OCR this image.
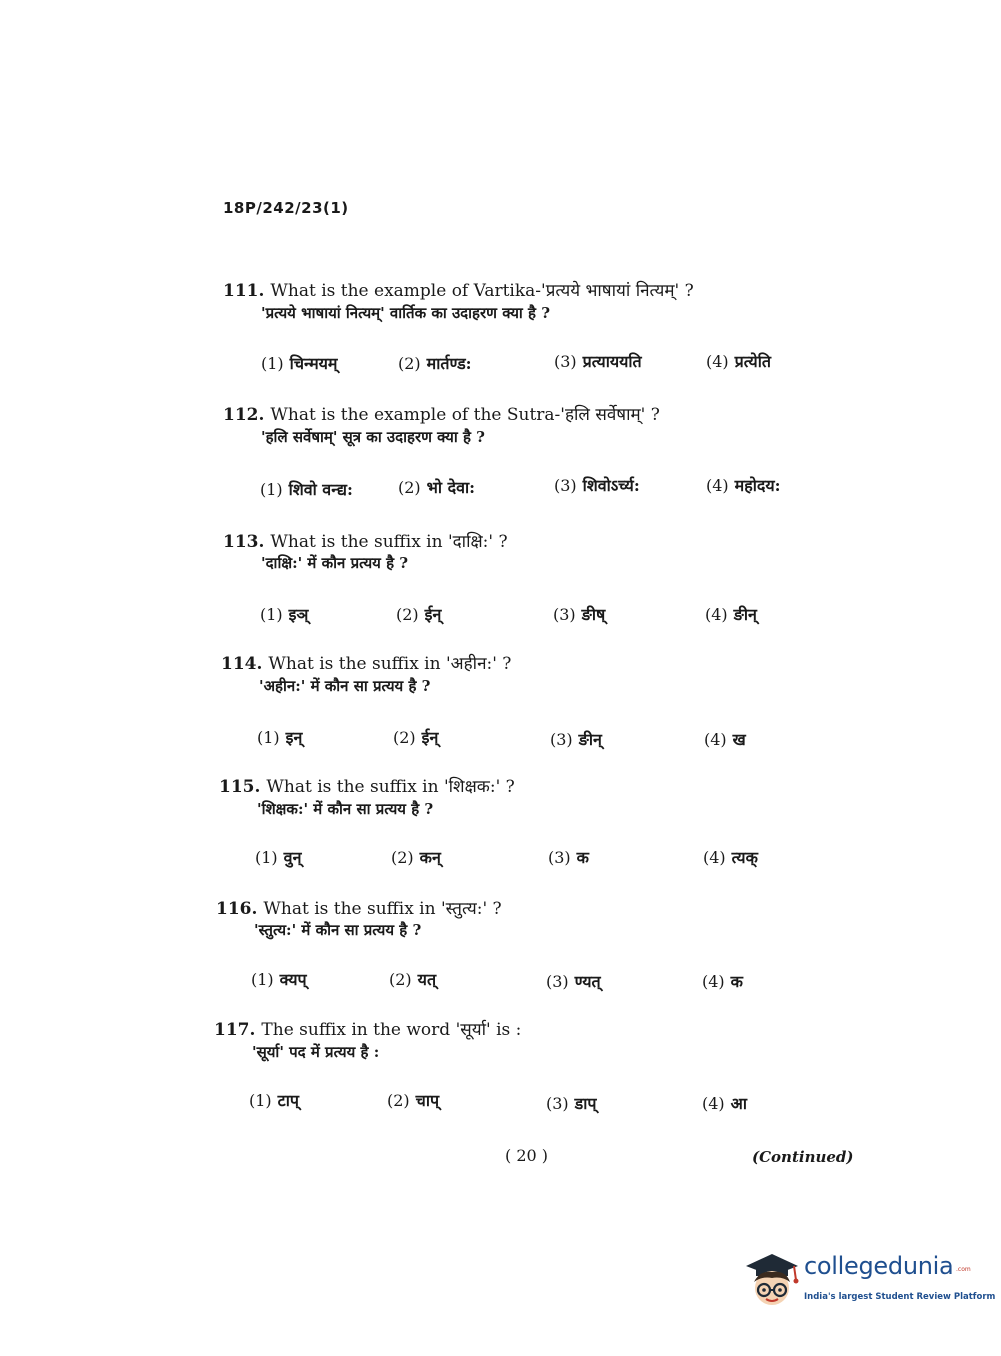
18P/242/23(1)
111. What is the example of Vartika-'प्रत्यये भाषायां नित्यम्' ?
'प्रत्यये भाषायां नित्यम्' वार्तिक का उदाहरण क्या है ?
(1) चिन्मयम्	(2) मार्तण्ड:	(3) प्रत्याययति	(4) प्रत्येति
112. What is the example of the Sutra-'हलि सर्वेषाम्' ?
'हलि सर्वेषाम्' सूत्र का उदाहरण क्या है ?
(1) शिवो वन्द्य:	(2) भो देवा:	(3) शिवोऽर्च्य:	(4) महोदय:
113. What is the suffix in 'दाक्षि:' ?
'दाक्षि:' में कौन प्रत्यय है ?
(1) इञ्	(2) ईन्	(3) ङीष्	(4) ङीन्
114. What is the suffix in 'अहीन:' ?
'अहीन:' में कौन सा प्रत्यय है ?
(1) इन्	(2) ईन्	(3) ङीन्	(4) ख
115. What is the suffix in 'शिक्षक:' ?
'शिक्षक:' में कौन सा प्रत्यय है ?
(1) वुन्	(2) कन्	(3) क	(4) त्यक्
116. What is the suffix in 'स्तुत्य:' ?
'स्तुत्य:' में कौन सा प्रत्यय है ?
(1) क्यप्	(2) यत्	(3) ण्यत्	(4) क
117. The suffix in the word 'सूर्या' is :
'सूर्या' पद में प्रत्यय है :
(1) टाप्	(2) चाप्	(3) डाप्	(4) आ
( 20 )	(Continued)
collegedunia .com
India's largest Student Review Platform
